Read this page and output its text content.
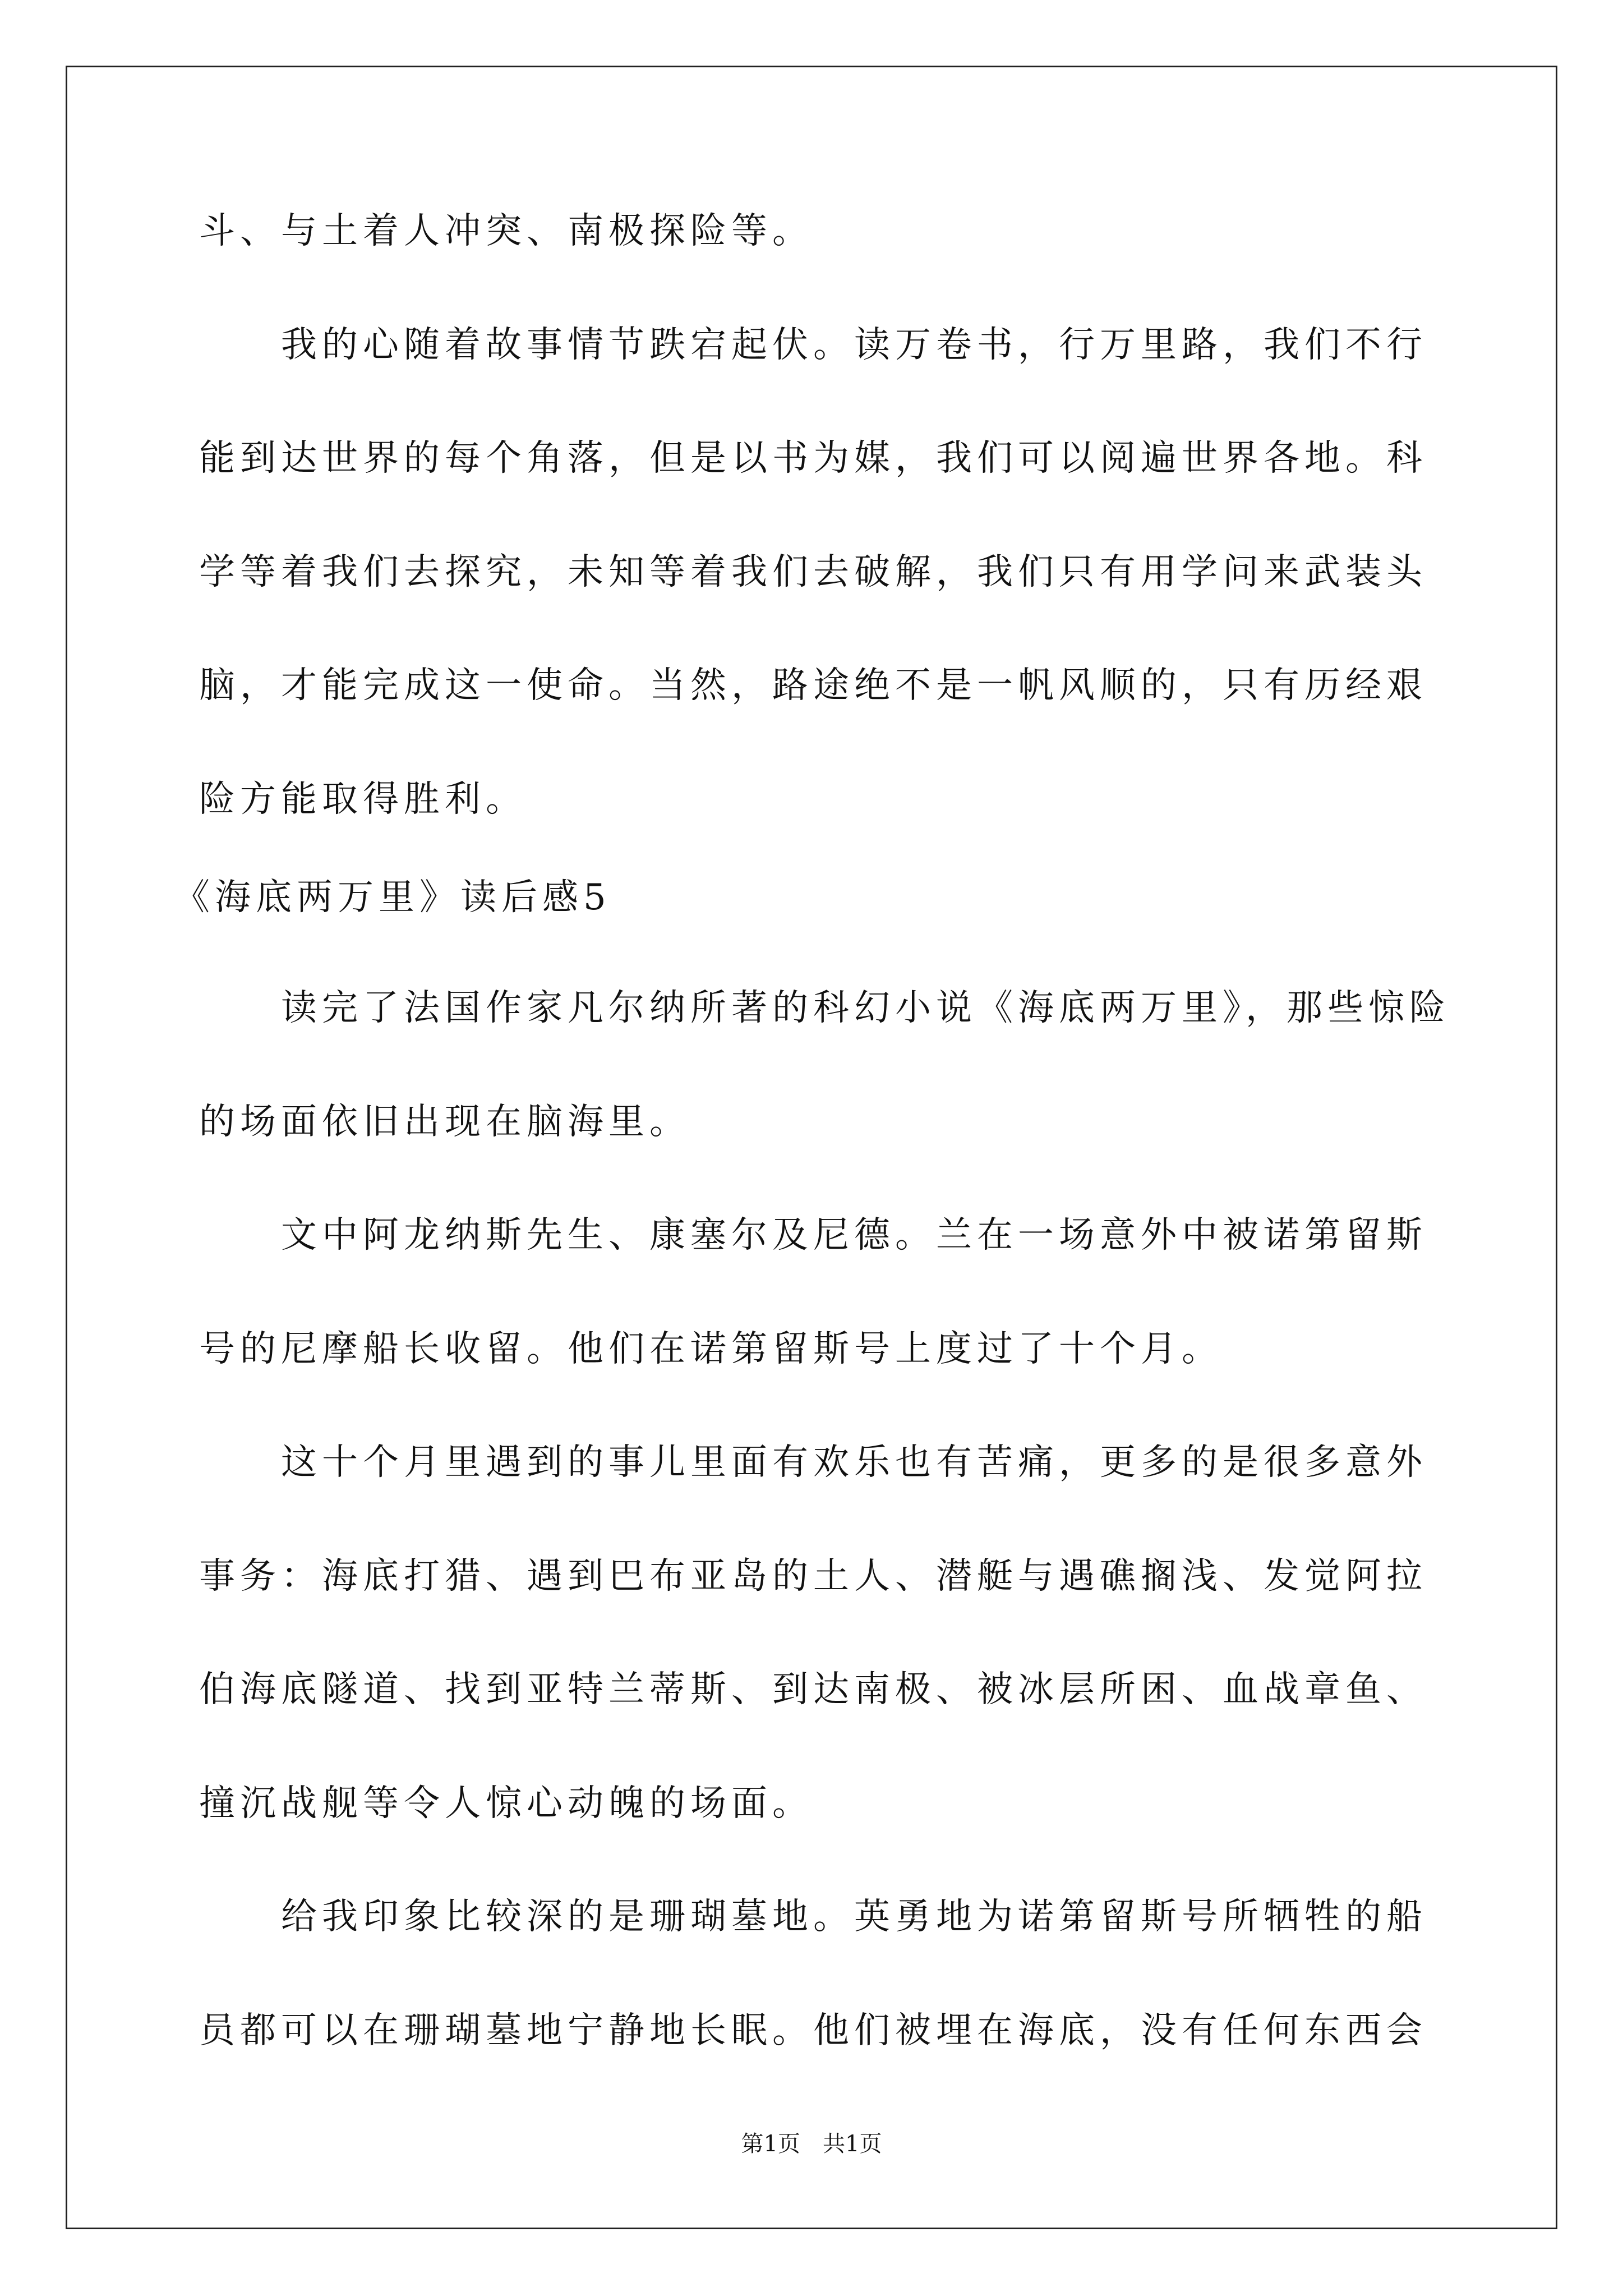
斗、与土着人冲突、南极探险等。
　　我的心随着故事情节跌宕起伏。读万卷书，行万里路，我们不行
能到达世界的每个角落，但是以书为媒，我们可以阅遍世界各地。科
学等着我们去探究，未知等着我们去破解，我们只有用学问来武装头
脑，才能完成这一使命。当然，路途绝不是一帆风顺的，只有历经艰
险方能取得胜利。
《海底两万里》读后感5
　　读完了法国作家凡尔纳所著的科幻小说《海底两万里》，那些惊险
的场面依旧出现在脑海里。
　　文中阿龙纳斯先生、康塞尔及尼德。兰在一场意外中被诺第留斯
号的尼摩船长收留。他们在诺第留斯号上度过了十个月。
　　这十个月里遇到的事儿里面有欢乐也有苦痛，更多的是很多意外
事务：海底打猎、遇到巴布亚岛的土人、潜艇与遇礁搁浅、发觉阿拉
伯海底隧道、找到亚特兰蒂斯、到达南极、被冰层所困、血战章鱼、
撞沉战舰等令人惊心动魄的场面。
　　给我印象比较深的是珊瑚墓地。英勇地为诺第留斯号所牺牲的船
员都可以在珊瑚墓地宁静地长眠。他们被埋在海底，没有任何东西会
第1页　共1页
